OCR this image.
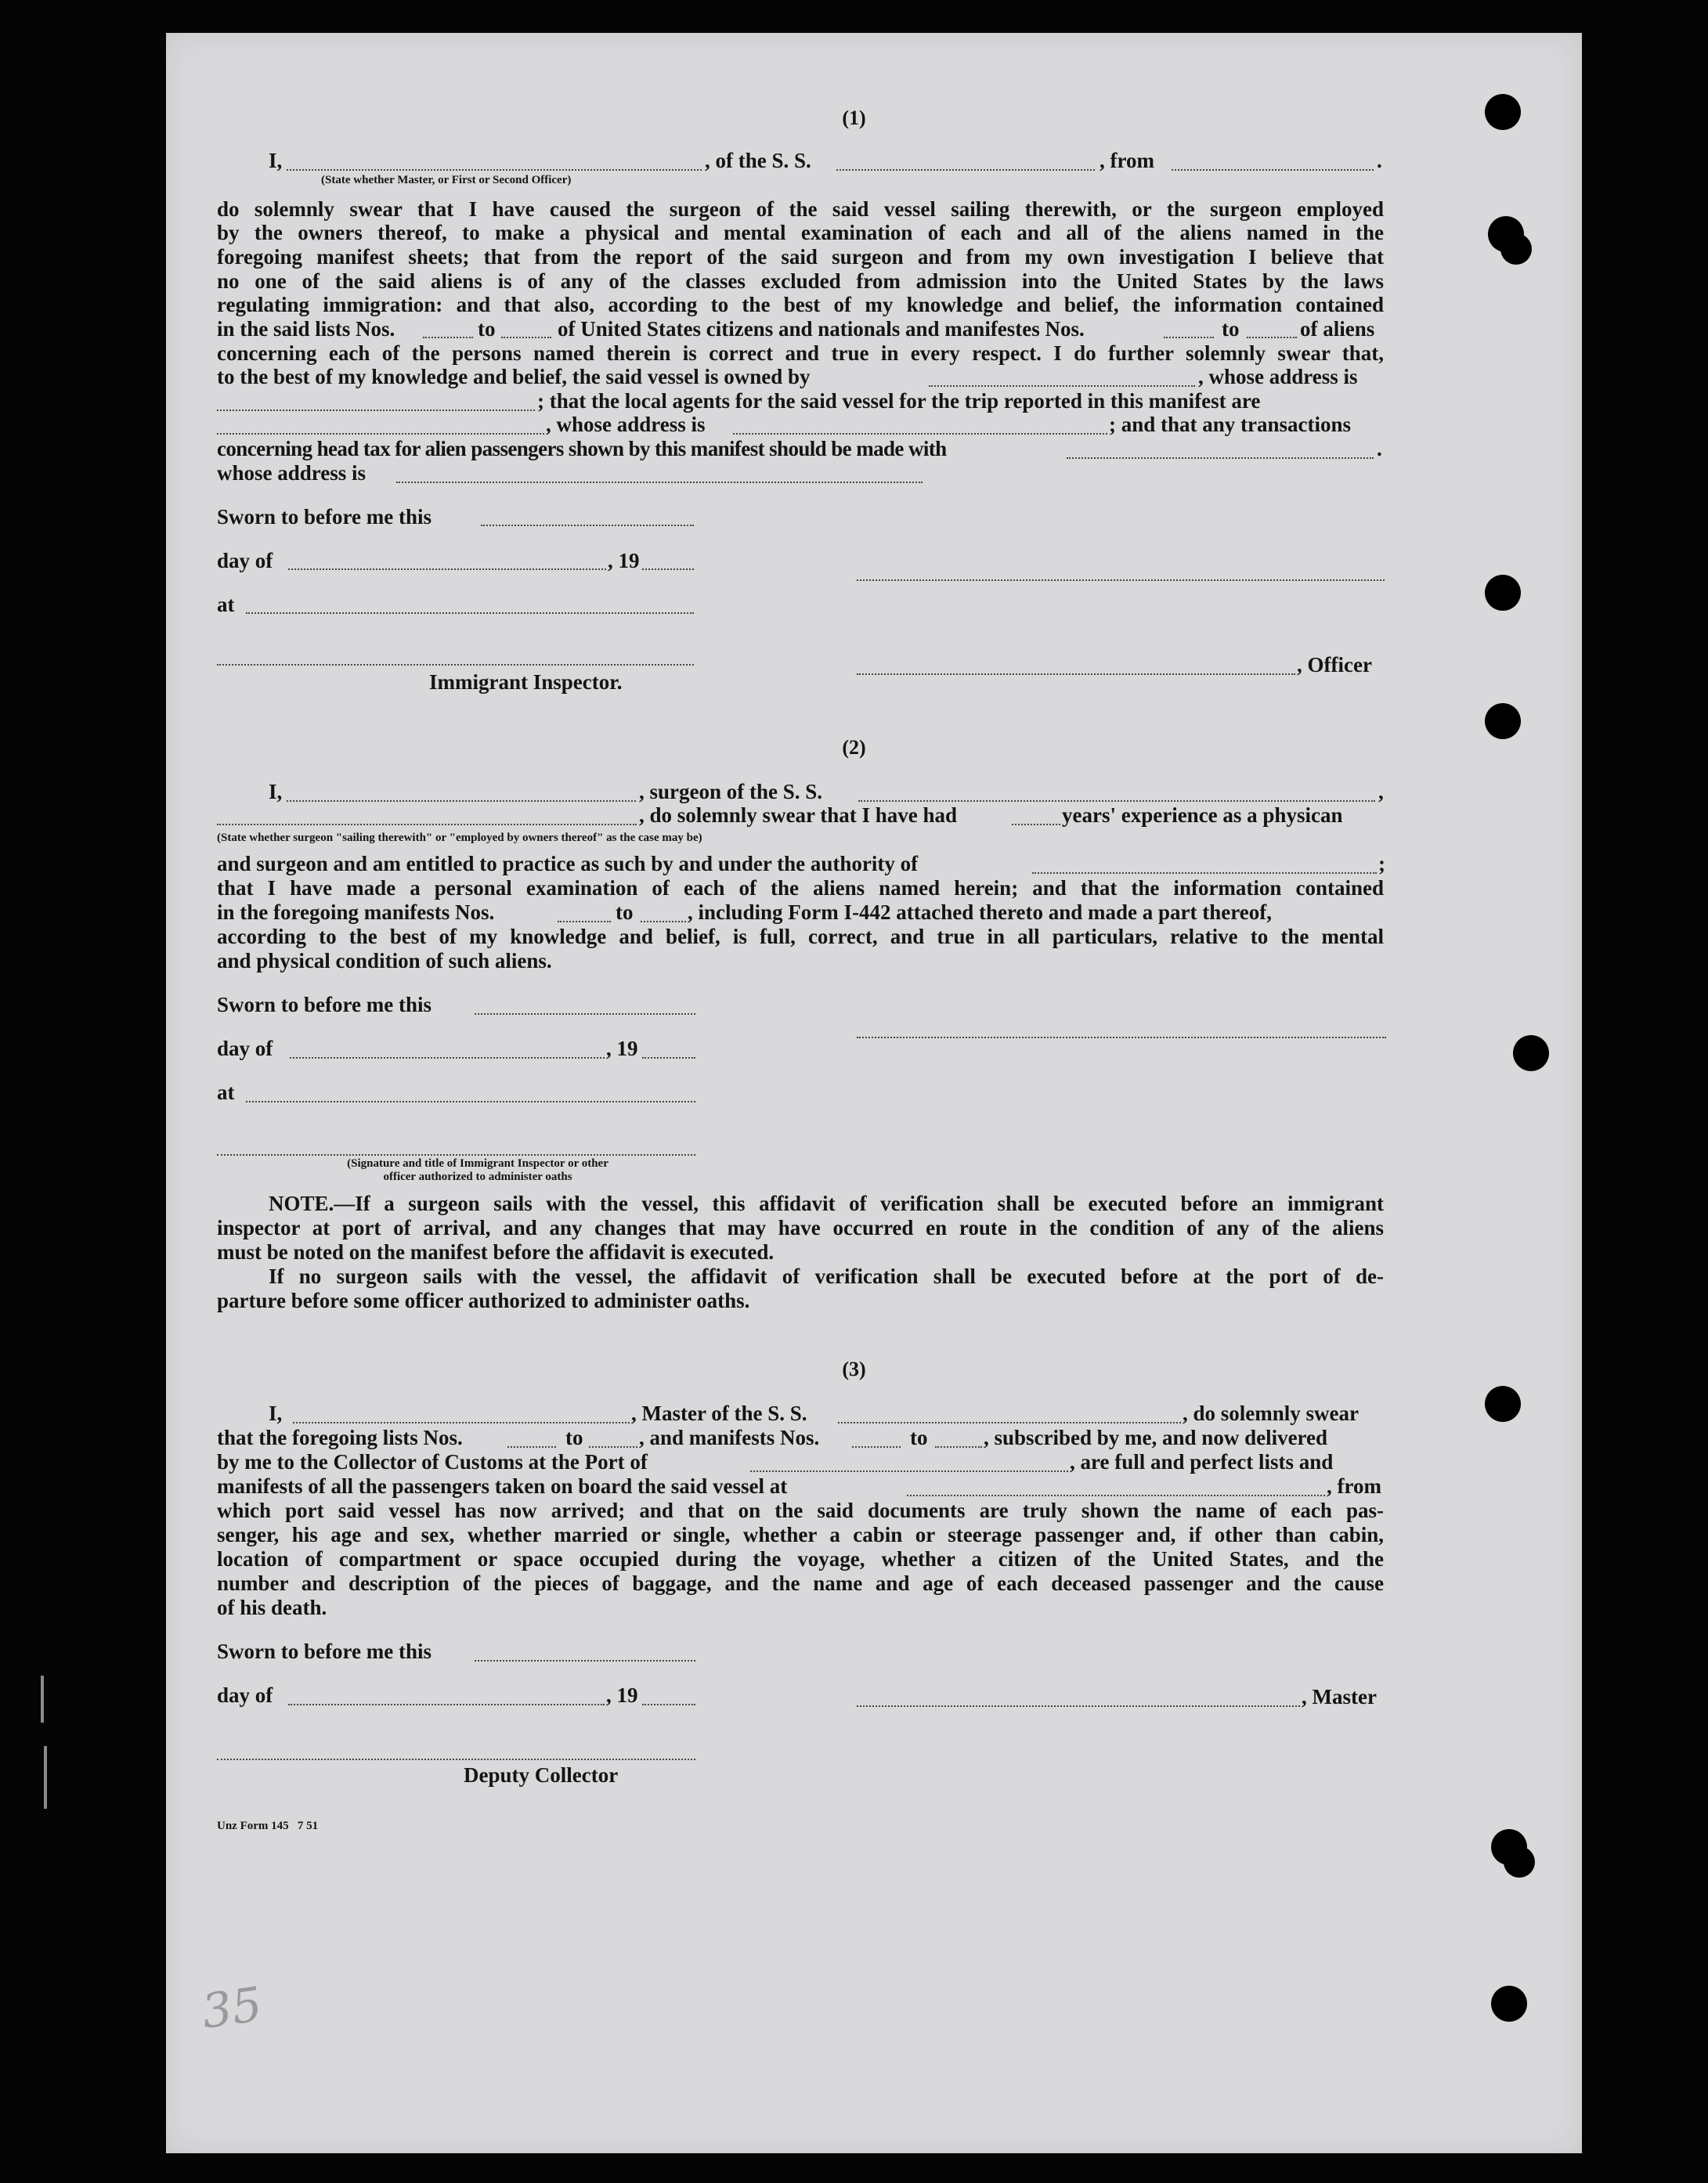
(1)
I,	, of the S. S.	, from	.
(State whether Master, or First or Second Officer)
do solemnly swear that I have caused the surgeon of the said vessel sailing therewith, or the surgeon employed
by the owners thereof, to make a physical and mental examination of each and all of the aliens named in the
foregoing manifest sheets; that from the report of the said surgeon and from my own investigation I believe that
no one of the said aliens is of any of the classes excluded from admission into the United States by the laws
regulating immigration: and that also, according to the best of my knowledge and belief, the information contained
in the said lists Nos.	to	of United States citizens and nationals and manifestes Nos.	to	of aliens
concerning each of the persons named therein is correct and true in every respect. I do further solemnly swear that,
to the best of my knowledge and belief, the said vessel is owned by	, whose address is
; that the local agents for the said vessel for the trip reported in this manifest are
, whose address is	; and that any transactions
concerning head tax for alien passengers shown by this manifest should be made with	.
whose address is
Sworn to before me this
day of	, 19
at
, Officer
Immigrant Inspector.
(2)
I,	, surgeon of the S. S.	,
, do solemnly swear that I have had	years' experience as a physican
(State whether surgeon "sailing therewith" or "employed by owners thereof" as the case may be)
and surgeon and am entitled to practice as such by and under the authority of	;
that I have made a personal examination of each of the aliens named herein; and that the information contained
in the foregoing manifests Nos.	to	, including Form I-442 attached thereto and made a part thereof,
according to the best of my knowledge and belief, is full, correct, and true in all particulars, relative to the mental
and physical condition of such aliens.
Sworn to before me this
day of	, 19
at
(Signature and title of Immigrant Inspector or other
officer authorized to administer oaths
NOTE.—If a surgeon sails with the vessel, this affidavit of verification shall be executed before an immigrant
inspector at port of arrival, and any changes that may have occurred en route in the condition of any of the aliens
must be noted on the manifest before the affidavit is executed.
If no surgeon sails with the vessel, the affidavit of verification shall be executed before at the port of de-
parture before some officer authorized to administer oaths.
(3)
I,	, Master of the S. S.	, do solemnly swear
that the foregoing lists Nos.	to	, and manifests Nos.	to	, subscribed by me, and now delivered
by me to the Collector of Customs at the Port of	, are full and perfect lists and
manifests of all the passengers taken on board the said vessel at	, from
which port said vessel has now arrived; and that on the said documents are truly shown the name of each pas-
senger, his age and sex, whether married or single, whether a cabin or steerage passenger and, if other than cabin,
location of compartment or space occupied during the voyage, whether a citizen of the United States, and the
number and description of the pieces of baggage, and the name and age of each deceased passenger and the cause
of his death.
Sworn to before me this
day of	, 19	, Master
Deputy Collector
Unz Form 145   7 51
35
